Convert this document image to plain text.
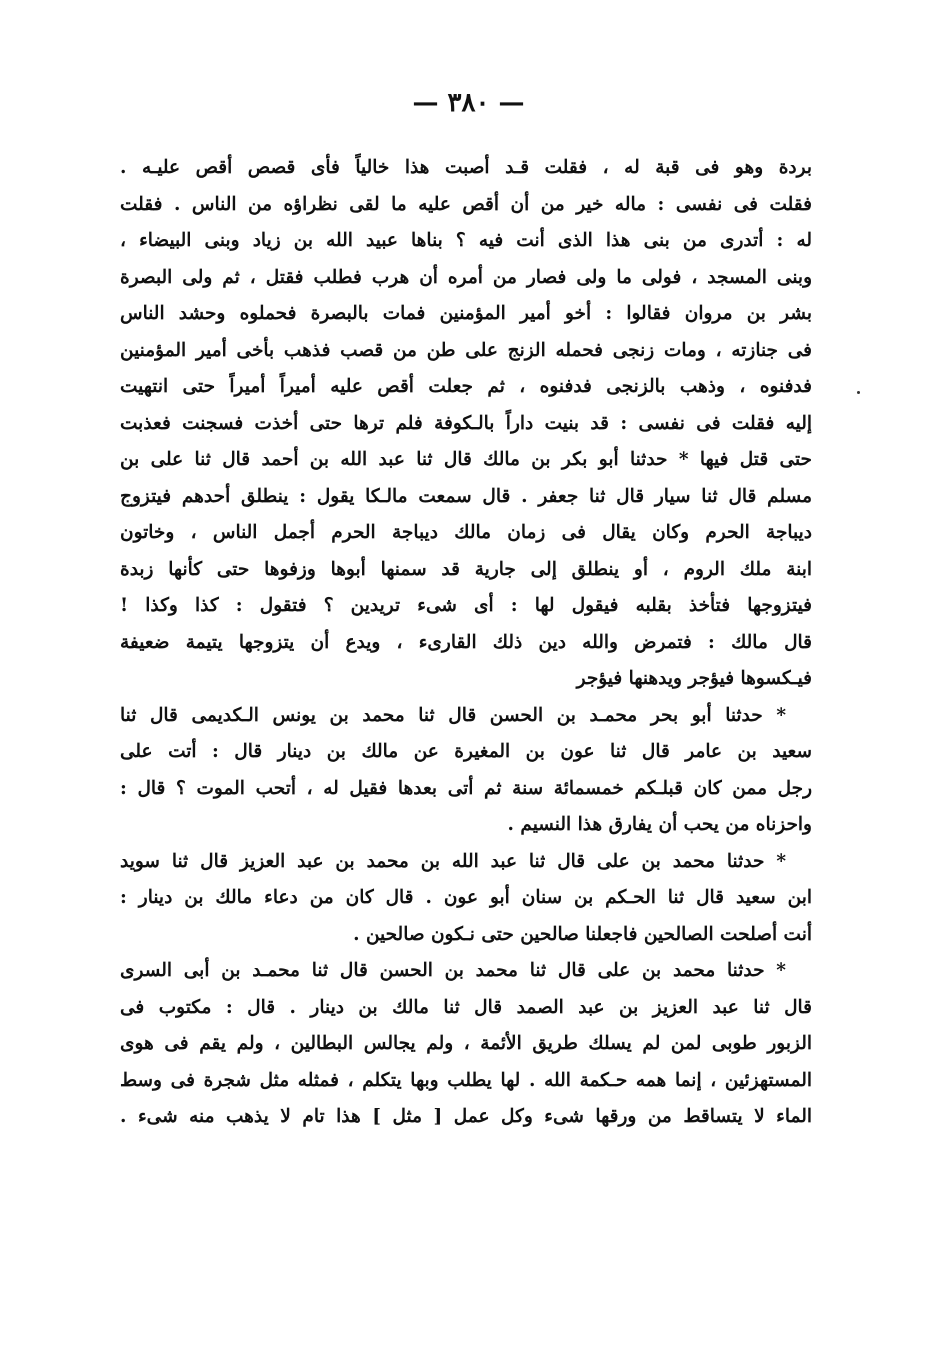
— ٣٨٠ —
بردة وهو فى قبة له ، فقلت قـد أصبت هذا خالياً فأى قصص أقص عليـه .
فقلت فى نفسى : ماله خير من أن أقص عليه ما لقى نظراؤه من الناس . فقلت
له : أتدرى من بنى هذا الذى أنت فيه ؟ بناها عبيد الله بن زياد وبنى البيضاء ،
وبنى المسجد ، فولى ما ولى فصار من أمره أن هرب فطلب فقتل ، ثم ولى البصرة
بشر بن مروان فقالوا : أخو أمير المؤمنين فمات بالبصرة فحملوه وحشد الناس
فى جنازته ، ومات زنجى فحمله الزنج على طن من قصب فذهب بأخى أمير المؤمنين
فدفنوه ، وذهب بالزنجى فدفنوه ، ثم جعلت أقص عليه أميراً أميراً حتى انتهيت
إليه فقلت فى نفسى : قد بنيت داراً بالـكوفة فلم ترها حتى أخذت فسجنت فعذبت
حتى قتل فيها * حدثنا أبو بكر بن مالك قال ثنا عبد الله بن أحمد قال ثنا على بن
مسلم قال ثنا سيار قال ثنا جعفر . قال سمعت مالـكا يقول : ينطلق أحدهم فيتزوج
ديباجة الحرم وكان يقال فى زمان مالك ديباجة الحرم أجمل الناس ، وخاتون
ابنة ملك الروم ، أو ينطلق إلى جارية قد سمنها أبوها وزفوها حتى كأنها زبدة
فيتزوجها فتأخذ بقلبه فيقول لها : أى شىء تريدين ؟ فتقول : كذا وكذا !
قال مالك : فتمرض والله دين ذلك القارىء ، ويدع أن يتزوجها يتيمة ضعيفة
فيـكسوها فيؤجر ويدهنها فيؤجر
* حدثنا أبو بحر محمـد بن الحسن قال ثنا محمد بن يونس الـكديمى قال ثنا
سعيد بن عامر قال ثنا عون بن المغيرة عن مالك بن دينار قال : أتت على
رجل ممن كان قبلـكم خمسمائة سنة ثم أتى بعدها فقيل له ، أتحب الموت ؟ قال :
واحزناه من يحب أن يفارق هذا النسيم .
* حدثنا محمد بن على قال ثنا عبد الله بن محمد بن عبد العزيز قال ثنا سويد
ابن سعيد قال ثنا الحـكم بن سنان أبو عون . قال كان من دعاء مالك بن دينار :
أنت أصلحت الصالحين فاجعلنا صالحين حتى نـكون صالحين .
* حدثنا محمد بن على قال ثنا محمد بن الحسن قال ثنا محمـد بن أبى السرى
قال ثنا عبد العزيز بن عبد الصمد قال ثنا مالك بن دينار . قال : مكتوب فى
الزبور طوبى لمن لم يسلك طريق الأئمة ، ولم يجالس البطالين ، ولم يقم فى هوى
المستهزئين ، إنما همه حـكمة الله . لها يطلب وبها يتكلم ، فمثله مثل شجرة فى وسط
الماء لا يتساقط من ورقها شىء وكل عمل [ مثل ] هذا تام لا يذهب منه شىء .
